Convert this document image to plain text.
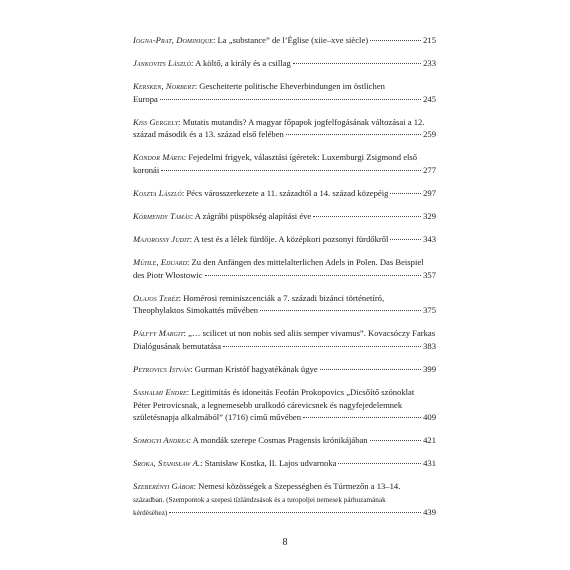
Iogna-Prat, Dominique: La „substance” de l’Église (xiie–xve siècle)	215
Jankovits László: A költő, a király és a csillag	233
Kersken, Norbert: Gescheiterte politische Eheverbindungen im östlichen
Europa	245
Kiss Gergely: Mutatis mutandis? A magyar főpapok jogfelfogásának változásai a 12.
század második és a 13. század első felében	259
Kondor Márta: Fejedelmi frigyek, választási ígéretek: Luxemburgi Zsigmond első
koronái	277
Koszta László: Pécs városszerkezete a 11. századtól a 14. század közepéig	297
Körmendy Tamás: A zágrábi püspökség alapítási éve	329
Majorossy Judit: A test és a lélek fürdője. A középkori pozsonyi fürdőkről	343
Mühle, Eduard: Zu den Anfängen des mittelalterlichen Adels in Polen. Das Beispiel
des Piotr Włostowic	357
Olajos Teréz: Homérosi reminiszcenciák a 7. századi bizánci történetíró,
Theophylaktos Simokattés művében	375
Pálffy Margit: „… scilicet ut non nobis sed aliis semper vivamus”. Kovacsóczy Farkas
Dialógusának bemutatása	383
Petrovics István: Gurman Kristóf hagyatékának ügye	399
Sashalmi Endre: Legitimitás és idoneitás Feofán Prokopovics „Dicsőítő szónoklat
Péter Petrovicsnak, a legnemesebb uralkodó cárevicsnek és nagyfejedelemnek
születésnapja alkalmából” (1716) című művében	409
Somogyi Andrea: A mondák szerepe Cosmas Pragensis krónikájában	421
Sroka, Stanisław A.: Stanisław Kostka, II. Lajos udvarnoka	431
Szeberényi Gábor: Nemesi közösségek a Szepességben és Túrmezőn a 13–14.
században. (Szempontok a szepesi tízlándzsások és a turopoljei nemesek párhuzamának
kérdéséhez)	439
8
